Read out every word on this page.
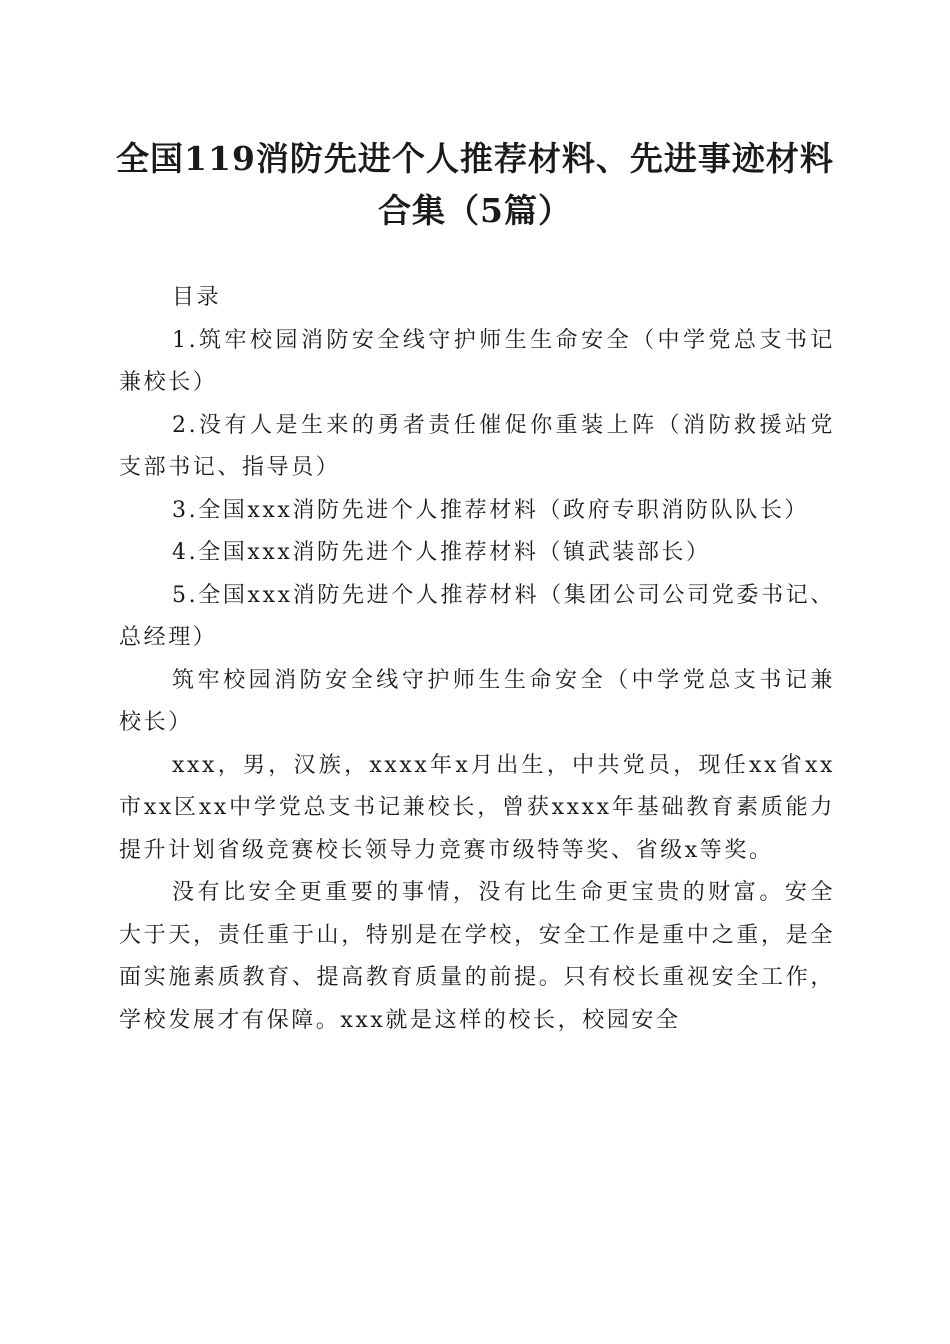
全国119消防先进个人推荐材料、先进事迹材料合集（5篇）

目录

1.筑牢校园消防安全线守护师生生命安全（中学党总支书记兼校长）

2.没有人是生来的勇者责任催促你重装上阵（消防救援站党支部书记、指导员）

3.全国xxx消防先进个人推荐材料（政府专职消防队队长）

4.全国xxx消防先进个人推荐材料（镇武装部长）

5.全国xxx消防先进个人推荐材料（集团公司公司党委书记、总经理）

筑牢校园消防安全线守护师生生命安全（中学党总支书记兼校长）

xxx，男，汉族，xxxx年x月出生，中共党员，现任xx省xx市xx区xx中学党总支书记兼校长，曾获xxxx年基础教育素质能力提升计划省级竞赛校长领导力竞赛市级特等奖、省级x等奖。

没有比安全更重要的事情，没有比生命更宝贵的财富。安全大于天，责任重于山，特别是在学校，安全工作是重中之重，是全面实施素质教育、提高教育质量的前提。只有校长重视安全工作，学校发展才有保障。xxx就是这样的校长，校园安全
